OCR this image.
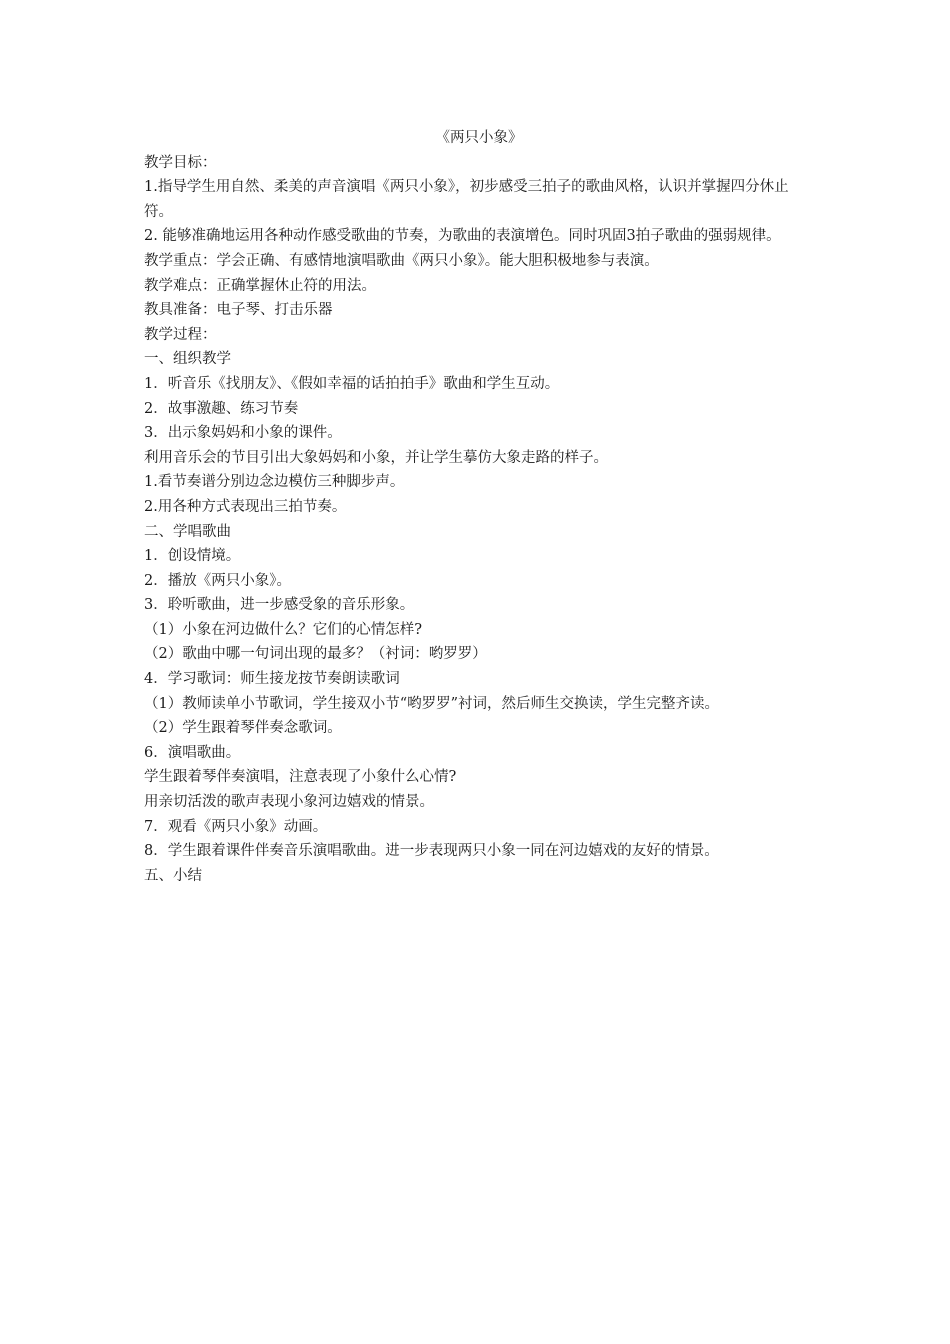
《两只小象》

教学目标：

1.指导学生用自然、柔美的声音演唱《两只小象》，初步感受三拍子的歌曲风格，认识并掌握四分休止符。

2. 能够准确地运用各种动作感受歌曲的节奏，为歌曲的表演增色。同时巩固3拍子歌曲的强弱规律。

教学重点：学会正确、有感情地演唱歌曲《两只小象》。能大胆积极地参与表演。

教学难点：正确掌握休止符的用法。

教具准备：电子琴、打击乐器

教学过程：

一、组织教学

1．听音乐《找朋友》、《假如幸福的话拍拍手》歌曲和学生互动。

2．故事激趣、练习节奏

3．出示象妈妈和小象的课件。

利用音乐会的节目引出大象妈妈和小象，并让学生摹仿大象走路的样子。

1.看节奏谱分别边念边模仿三种脚步声。

2.用各种方式表现出三拍节奏。

二、学唱歌曲

1．创设情境。

2．播放《两只小象》。

3．聆听歌曲，进一步感受象的音乐形象。

（1）小象在河边做什么？它们的心情怎样?

（2）歌曲中哪一句词出现的最多？（衬词：哟罗罗）

4．学习歌词：师生接龙按节奏朗读歌词

（1）教师读单小节歌词，学生接双小节“哟罗罗”衬词，然后师生交换读，学生完整齐读。

（2）学生跟着琴伴奏念歌词。

6．演唱歌曲。

学生跟着琴伴奏演唱，注意表现了小象什么心情?

用亲切活泼的歌声表现小象河边嬉戏的情景。

7．观看《两只小象》动画。

8．学生跟着课件伴奏音乐演唱歌曲。进一步表现两只小象一同在河边嬉戏的友好的情景。

五、小结
